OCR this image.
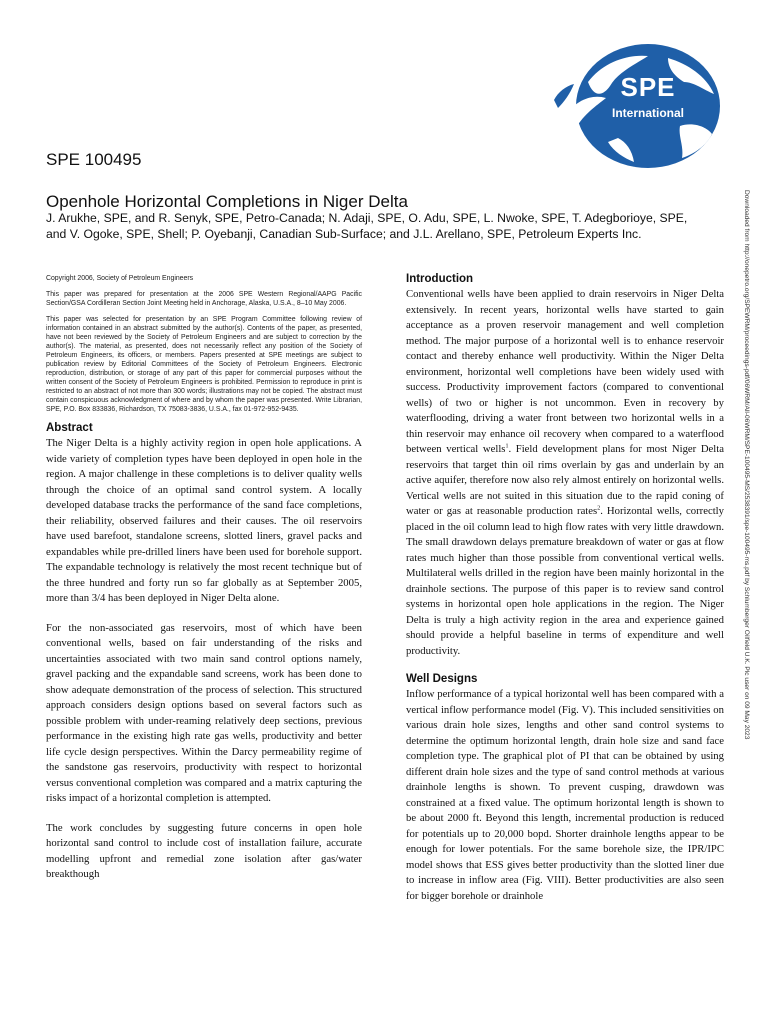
SPE
International
SPE 100495
Openhole Horizontal Completions in Niger Delta
J. Arukhe, SPE, and R. Senyk, SPE, Petro-Canada; N. Adaji, SPE, O. Adu, SPE, L. Nwoke, SPE, T. Adegborioye, SPE, and V. Ogoke, SPE, Shell; P. Oyebanji, Canadian Sub-Surface; and J.L. Arellano, SPE, Petroleum Experts Inc.

Copyright 2006, Society of Petroleum Engineers

This paper was prepared for presentation at the 2006 SPE Western Regional/AAPG Pacific Section/GSA Cordilleran Section Joint Meeting held in Anchorage, Alaska, U.S.A., 8–10 May 2006.

This paper was selected for presentation by an SPE Program Committee following review of information contained in an abstract submitted by the author(s). Contents of the paper, as presented, have not been reviewed by the Society of Petroleum Engineers and are subject to correction by the author(s). The material, as presented, does not necessarily reflect any position of the Society of Petroleum Engineers, its officers, or members. Papers presented at SPE meetings are subject to publication review by Editorial Committees of the Society of Petroleum Engineers. Electronic reproduction, distribution, or storage of any part of this paper for commercial purposes without the written consent of the Society of Petroleum Engineers is prohibited. Permission to reproduce in print is restricted to an abstract of not more than 300 words; illustrations may not be copied. The abstract must contain conspicuous acknowledgment of where and by whom the paper was presented. Write Librarian, SPE, P.O. Box 833836, Richardson, TX 75083-3836, U.S.A., fax 01-972-952-9435.

Abstract

The Niger Delta is a highly activity region in open hole applications. A wide variety of completion types have been deployed in open hole in the region. A major challenge in these completions is to deliver quality wells through the choice of an optimal sand control system. A locally developed database tracks the performance of the sand face completions, their reliability, observed failures and their causes. The oil reservoirs have used barefoot, standalone screens, slotted liners, gravel packs and expandables while pre-drilled liners have been used for borehole support. The expandable technology is relatively the most recent technique but of the three hundred and forty run so far globally as at September 2005, more than 3/4 has been deployed in Niger Delta alone.

For the non-associated gas reservoirs, most of which have been conventional wells, based on fair understanding of the risks and uncertainties associated with two main sand control options namely, gravel packing and the expandable sand screens, work has been done to show adequate demonstration of the process of selection. This structured approach considers design options based on several factors such as possible problem with under-reaming relatively deep sections, previous performance in the existing high rate gas wells, productivity and better life cycle design perspectives. Within the Darcy permeability regime of the sandstone gas reservoirs, productivity with respect to horizontal versus conventional completion was compared and a matrix capturing the risks impact of a horizontal completion is attempted.

The work concludes by suggesting future concerns in open hole horizontal sand control to include cost of installation failure, accurate modelling upfront and remedial zone isolation after gas/water breakthough

Introduction

Conventional wells have been applied to drain reservoirs in Niger Delta extensively. In recent years, horizontal wells have started to gain acceptance as a proven reservoir management and well completion method. The major purpose of a horizontal well is to enhance reservoir contact and thereby enhance well productivity. Within the Niger Delta environment, horizontal well completions have been widely used with success. Productivity improvement factors (compared to conventional wells) of two or higher is not uncommon. Even in recovery by waterflooding, driving a water front between two horizontal wells in a thin reservoir may enhance oil recovery when compared to a waterflood between vertical wells$^1$. Field development plans for most Niger Delta reservoirs that target thin oil rims overlain by gas and underlain by an active aquifer, therefore now also rely almost entirely on horizontal wells. Vertical wells are not suited in this situation due to the rapid coning of water or gas at reasonable production rates$^2$. Horizontal wells, correctly placed in the oil column lead to high flow rates with very little drawdown. The small drawdown delays premature breakdown of water or gas at flow rates much higher than those possible from conventional vertical wells. Multilateral wells drilled in the region have been mainly horizontal in the drainhole sections. The purpose of this paper is to review sand control systems in horizontal open hole applications in the region. The Niger Delta is truly a high activity region in the area and experience gained should provide a helpful baseline in terms of expenditure and well productivity.

Well Designs

Inflow performance of a typical horizontal well has been compared with a vertical inflow performance model (Fig. V). This included sensitivities on various drain hole sizes, lengths and other sand control systems to determine the optimum horizontal length, drain hole size and sand face completion type. The graphical plot of PI that can be obtained by using different drain hole sizes and the type of sand control methods at various drainhole lengths is shown. To prevent cusping, drawdown was constrained at a fixed value. The optimum horizontal length is shown to be about 2000 ft. Beyond this length, incremental production is reduced for potentials up to 20,000 bopd. Shorter drainhole lengths appear to be enough for lower potentials. For the same borehole size, the IPR/IPC model shows that ESS gives better productivity than the slotted liner due to increase in inflow area (Fig. VIII). Better productivities are also seen for bigger borehole or drainhole

Downloaded from http://onepetro.org/SPEWRM/proceedings-pdf/06WRM/All-06WRM/SPE-100495-MS/2538391/spe-100495-ms.pdf by Schlumberger Oilfield U.K. Plc user on 09 May 2023
